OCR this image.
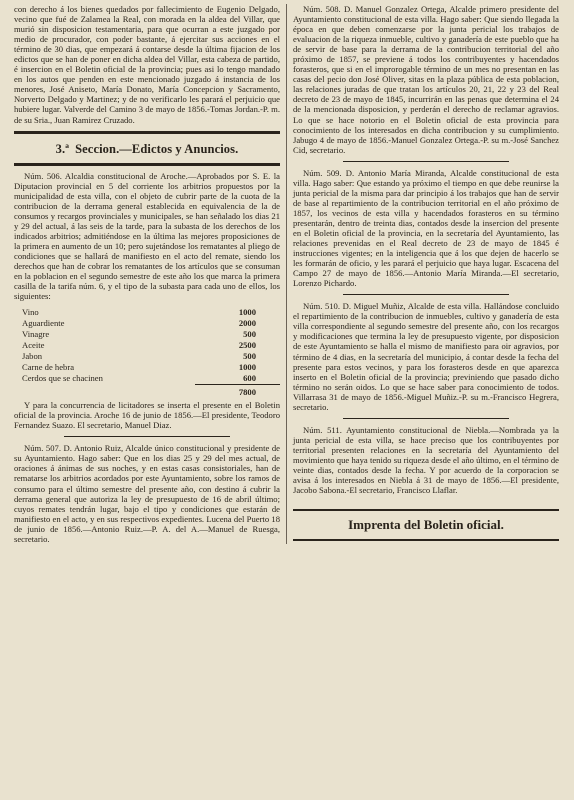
con derecho á los bienes quedados por fallecimiento de Eugenio Delgado, vecino que fué de Zalamea la Real, con morada en la aldea del Villar, que murió sin disposicion testamentaria, para que ocurran a este juzgado por medio de procurador, con poder bastante, á ejercitar sus acciones en el término de 30 dias, que empezará á contarse desde la última fijacion de los edictos que se han de poner en dicha aldea del Villar, esta cabeza de partido, é insercion en el Boletin oficial de la provincia; pues asi lo tengo mandado en los autos que penden en este mencionado juzgado á instancia de los menores, José Aniseto, María Donato, María Concepcion y Sacramento, Norverto Delgado y Martinez; y de no verificarlo les parará el perjuicio que hubiere lugar. Valverde del Camino 3 de mayo de 1856.-Tomas Jordan.-P. m. de su Sria., Juan Ramirez Cruzado.

3.ª Seccion.—Edictos y Anuncios.

Núm. 506. Alcaldia constitucional de Aroche.—Aprobados por S. E. la Diputacion provincial en 5 del corriente los arbitrios propuestos por la municipalidad de esta villa, con el objeto de cubrir parte de la cuota de la contribucion de la derrama general establecida en equivalencia de la de consumos y recargos provinciales y municipales, se han señalado los dias 21 y 29 del actual, á las seis de la tarde, para la subasta de los derechos de los indicados arbitrios; admitiéndose en la última las mejores proposiciones de la primera en aumento de un 10; pero sujetándose los rematantes al pliego de condiciones que se hallará de manifiesto en el acto del remate, siendo los derechos que han de cobrar los rematantes de los artículos que se consuman en la poblacion en el segundo semestre de este año los que marca la primera casilla de la tarifa núm. 6, y el tipo de la subasta para cada uno de ellos, los siguientes:

Vino	1000
Aguardiente	2000
Vinagre	500
Aceite	2500
Jabon	500
Carne de hebra	1000
Cerdos que se chacinen	600
	7800

Y para la concurrencia de licitadores se inserta el presente en el Boletin oficial de la provincia. Aroche 16 de junio de 1856.—El presidente, Teodoro Fernandez Suazo. El secretario, Manuel Diaz.

Núm. 507. D. Antonio Ruiz, Alcalde único constitucional y presidente de su Ayuntamiento. Hago saber: Que en los dias 25 y 29 del mes actual, de oraciones á ánimas de sus noches, y en estas casas consistoriales, han de rematarse los arbitrios acordados por este Ayuntamiento, sobre los ramos de consumo para el último semestre del presente año, con destino á cubrir la derrama general que autoriza la ley de presupuesto de 16 de abril último; cuyos remates tendrán lugar, bajo el tipo y condiciones que estarán de manifiesto en el acto, y en sus respectivos expedientes. Lucena del Puerto 18 de junio de 1856.—Antonio Ruiz.—P. A. del A.—Manuel de Ruesga, secretario.

Núm. 508. D. Manuel Gonzalez Ortega, Alcalde primero presidente del Ayuntamiento constitucional de esta villa. Hago saber: Que siendo llegada la época en que deben comenzarse por la junta pericial los trabajos de evaluacion de la riqueza inmueble, cultivo y ganadería de este pueblo que ha de servir de base para la derrama de la contribucion territorial del año próximo de 1857, se previene á todos los contribuyentes y hacendados forasteros, que si en el improrogable término de un mes no presentan en las casas del pecio don José Oliver, sitas en la plaza pública de esta poblacion, las relaciones juradas de que tratan los artículos 20, 21, 22 y 23 del Real decreto de 23 de mayo de 1845, incurrirán en las penas que determina el 24 de la mencionada disposicion, y perderán el derecho de reclamar agravios. Lo que se hace notorio en el Boletin oficial de esta provincia para conocimiento de los interesados en dicha contribucion y su cumplimiento. Jabugo 4 de mayo de 1856.-Manuel Gonzalez Ortega.-P. su m.-José Sanchez Cid, secretario.

Núm. 509. D. Antonio María Miranda, Alcalde constitucional de esta villa. Hago saber: Que estando ya próximo el tiempo en que debe reunirse la junta pericial de la misma para dar principio á los trabajos que han de servir de base al repartimiento de la contribucion territorial en el año próximo de 1857, los vecinos de esta villa y hacendados forasteros en su término presentarán, dentro de treinta dias, contados desde la insercion del presente en el Boletin oficial de la provincia, en la secretaría del Ayuntamiento, las relaciones prevenidas en el Real decreto de 23 de mayo de 1845 é instrucciones vigentes; en la inteligencia que á los que dejen de hacerlo se les formarán de oficio, y les parará el perjuicio que haya lugar. Escacena del Campo 27 de mayo de 1856.—Antonio María Miranda.—El secretario, Lorenzo Pichardo.

Núm. 510. D. Miguel Muñiz, Alcalde de esta villa. Hallándose concluido el repartimiento de la contribucion de inmuebles, cultivo y ganadería de esta villa correspondiente al segundo semestre del presente año, con los recargos y modificaciones que termina la ley de presupuesto vigente, por disposicion de este Ayuntamiento se halla el mismo de manifiesto para oir agravios, por término de 4 dias, en la secretaría del municipio, á contar desde la fecha del presente para estos vecinos, y para los forasteros desde en que aparezca inserto en el Boletin oficial de la provincia; previniendo que pasado dicho término no serán oidos. Lo que se hace saber para conocimiento de todos. Villarrasa 31 de mayo de 1856.-Miguel Muñiz.-P. su m.-Francisco Hegrera, secretario.

Núm. 511. Ayuntamiento constitucional de Niebla.—Nombrada ya la junta pericial de esta villa, se hace preciso que los contribuyentes por territorial presenten relaciones en la secretaría del Ayuntamiento del movimiento que haya tenido su riqueza desde el año último, en el término de veinte dias, contados desde la fecha. Y por acuerdo de la corporacion se avisa á los interesados en Niebla á 31 de mayo de 1856.—El presidente, Jacobo Sabona.-El secretario, Francisco Llaflar.

Imprenta del Boletin oficial.
